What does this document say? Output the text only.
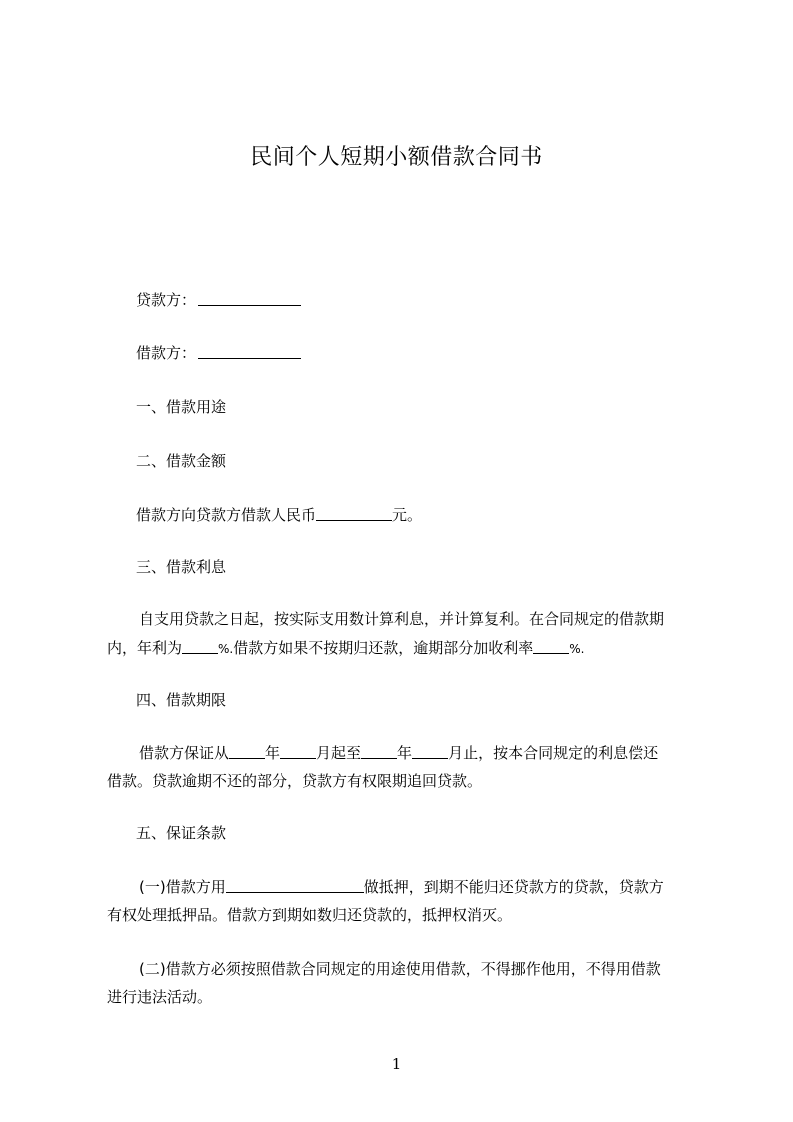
民间个人短期小额借款合同书
贷款方：
借款方：
一、借款用途
二、借款金额
借款方向贷款方借款人民币	元。
三、借款利息
自支用贷款之日起，按实际支用数计算利息，并计算复利。在合同规定的借款期
内，年利为	%.借款方如果不按期归还款，逾期部分加收利率	%.
四、借款期限
借款方保证从 年 月起至 年 月止，按本合同规定的利息偿还
借款。贷款逾期不还的部分，贷款方有权限期追回贷款。
五、保证条款
(一)借款方用	做抵押，到期不能归还贷款方的贷款，贷款方
有权处理抵押品。借款方到期如数归还贷款的，抵押权消灭。
(二)借款方必须按照借款合同规定的用途使用借款，不得挪作他用，不得用借款
进行违法活动。
1
